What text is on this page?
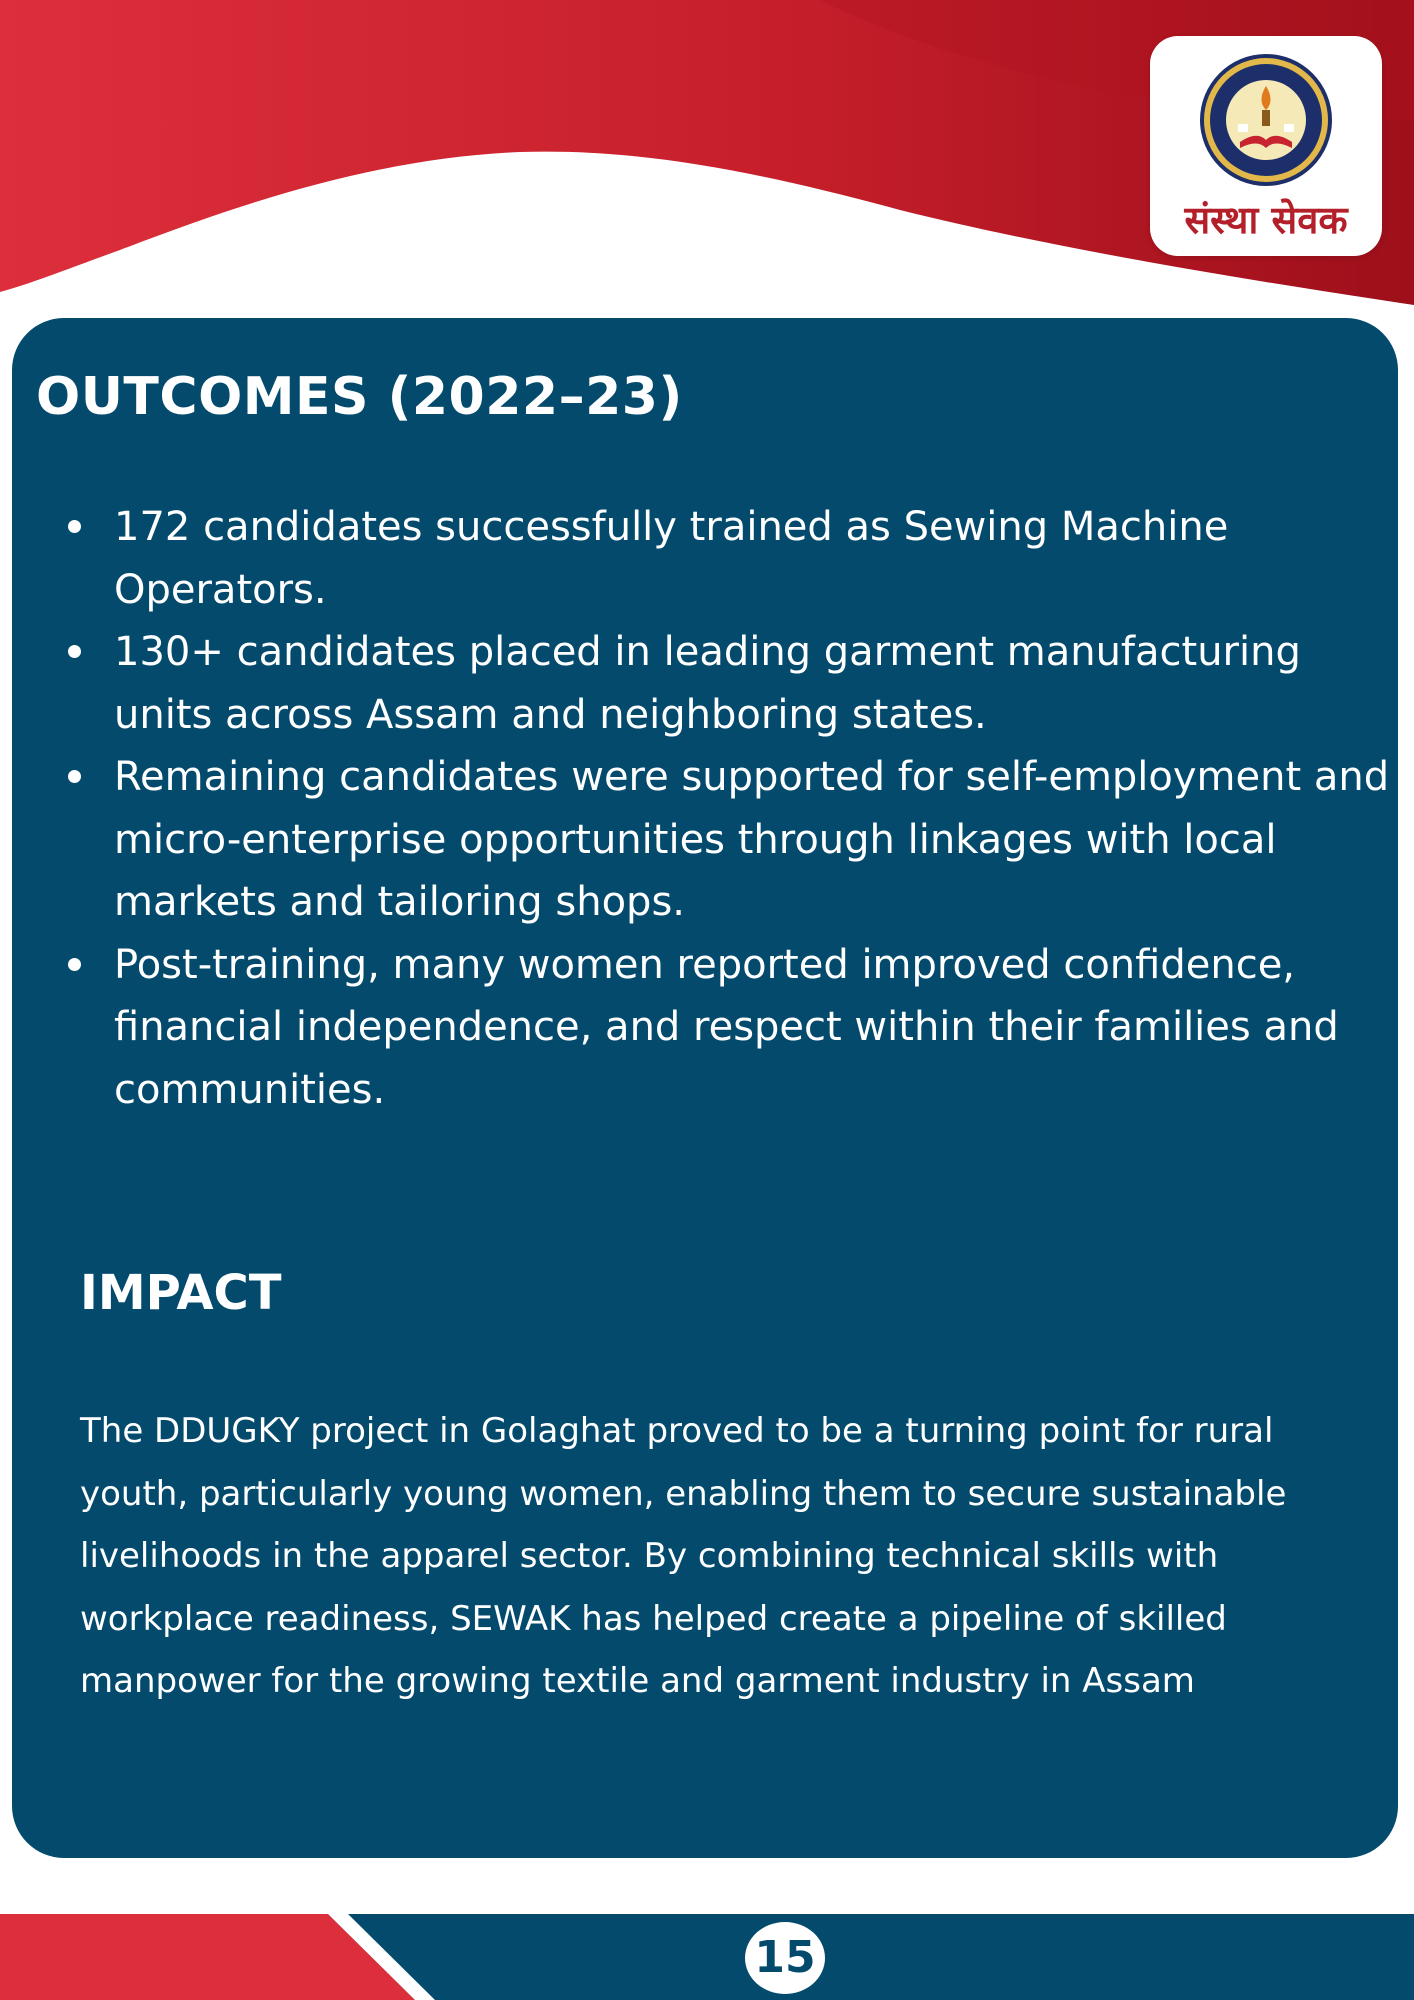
संस्था सेवक
OUTCOMES (2022–23)
172 candidates successfully trained as Sewing Machine Operators.
130+ candidates placed in leading garment manufacturing units across Assam and neighboring states.
Remaining candidates were supported for self-employment and micro-enterprise opportunities through linkages with local markets and tailoring shops.
Post-training, many women reported improved confidence, financial independence, and respect within their families and communities.
IMPACT

The DDUGKY project in Golaghat proved to be a turning point for rural youth, particularly young women, enabling them to secure sustainable livelihoods in the apparel sector. By combining technical skills with workplace readiness, SEWAK has helped create a pipeline of skilled manpower for the growing textile and garment industry in Assam

15
